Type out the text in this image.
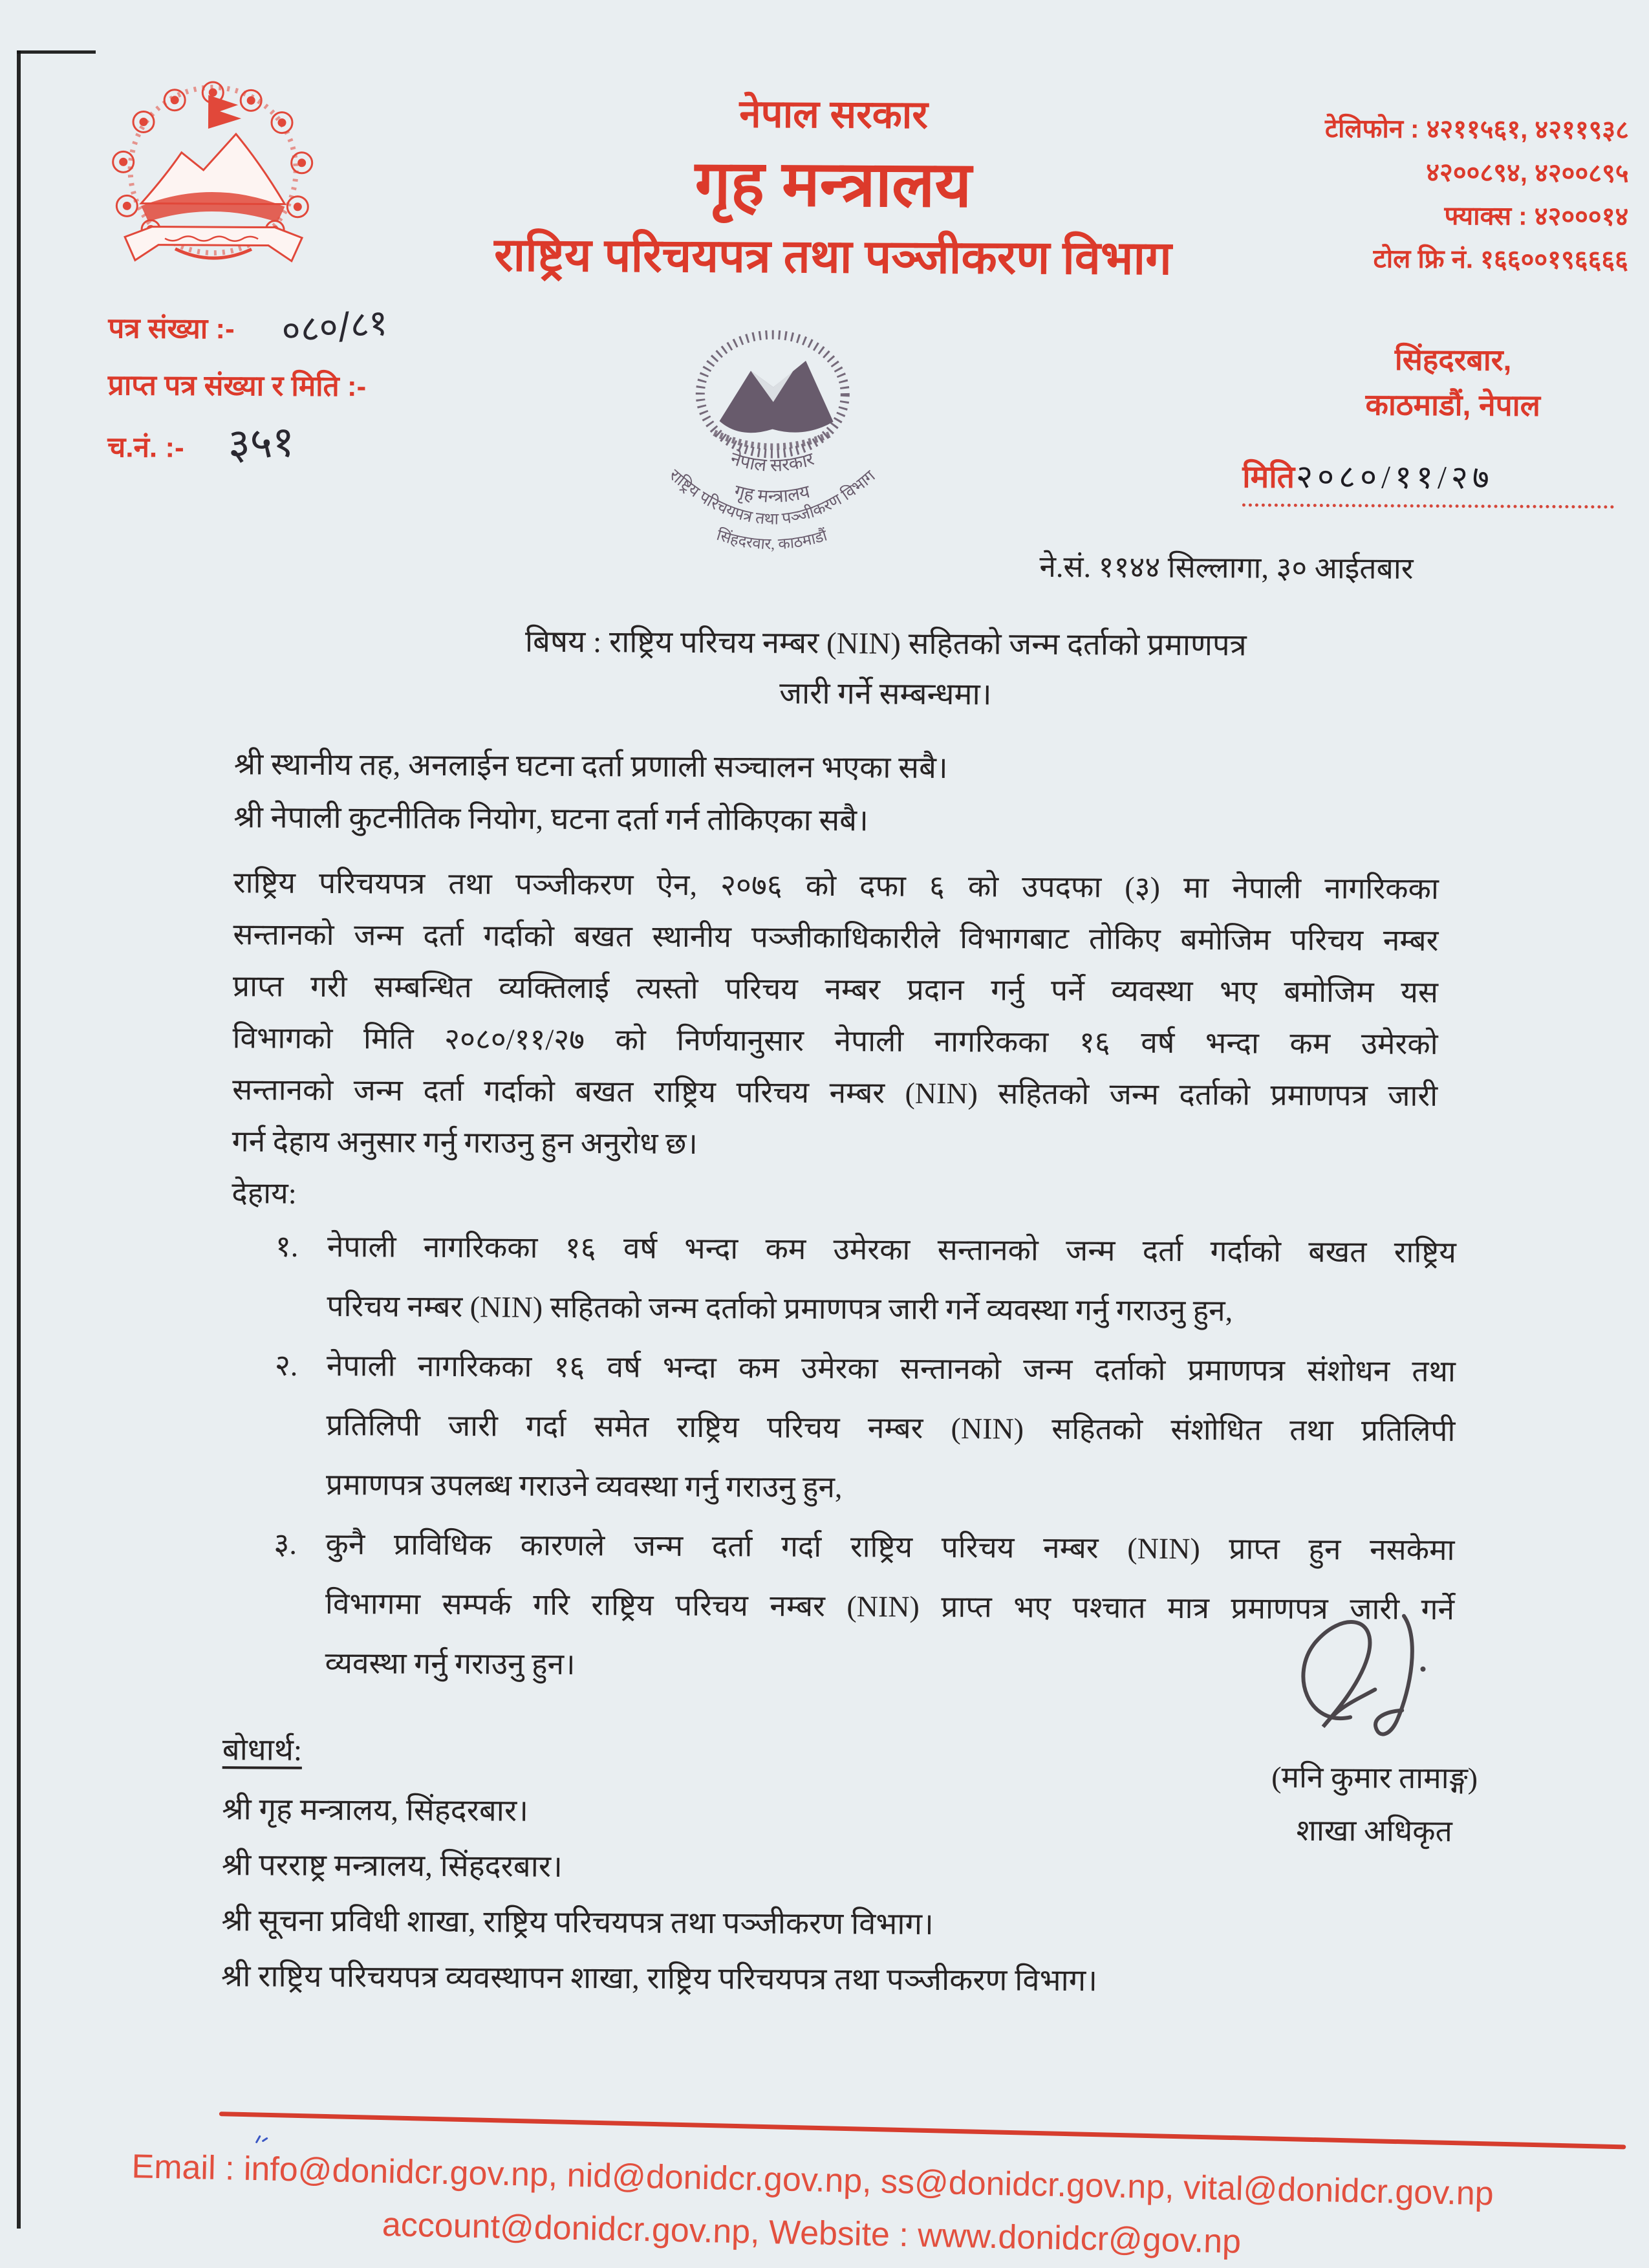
नेपाल सरकार
गृह मन्त्रालय
राष्ट्रिय परिचयपत्र तथा पञ्जीकरण विभाग
टेलिफोन : ४२११५६१, ४२११९३८
४२००८९४, ४२००८९५
फ्याक्स : ४२०००१४
टोल फ्रि नं. १६६००१९६६६६
पत्र संख्या :- ०८०/८१
प्राप्त पत्र संख्या र मिति :-
च.नं. :- ३५१	नेपाल सरकार
गृह मन्त्रालय
राष्ट्रिय परिचयपत्र तथा पञ्जीकरण विभाग
सिंहदरवार, काठमाडौं
सिंहदरबार,
काठमाडौं, नेपाल
मिति २०८०/११/२७
ने.सं. ११४४ सिल्लागा, ३० आईतबार
बिषय : राष्ट्रिय परिचय नम्बर (NIN) सहितको जन्म दर्ताको प्रमाणपत्र
जारी गर्ने सम्बन्धमा।
श्री स्थानीय तह, अनलाईन घटना दर्ता प्रणाली सञ्चालन भएका सबै।
श्री नेपाली कुटनीतिक नियोग, घटना दर्ता गर्न तोकिएका सबै।
राष्ट्रिय परिचयपत्र तथा पञ्जीकरण ऐन, २०७६ को दफा ६ को उपदफा (३) मा नेपाली नागरिकका
सन्तानको जन्म दर्ता गर्दाको बखत स्थानीय पञ्जीकाधिकारीले विभागबाट तोकिए बमोजिम परिचय नम्बर
प्राप्त गरी सम्बन्धित व्यक्तिलाई त्यस्तो परिचय नम्बर प्रदान गर्नु पर्ने व्यवस्था भए बमोजिम यस
विभागको मिति २०८०/११/२७ को निर्णयानुसार नेपाली नागरिकका १६ वर्ष भन्दा कम उमेरको
सन्तानको जन्म दर्ता गर्दाको बखत राष्ट्रिय परिचय नम्बर (NIN) सहितको जन्म दर्ताको प्रमाणपत्र जारी
गर्न देहाय अनुसार गर्नु गराउनु हुन अनुरोध छ।
देहाय:
१. नेपाली नागरिकका १६ वर्ष भन्दा कम उमेरका सन्तानको जन्म दर्ता गर्दाको बखत राष्ट्रिय
परिचय नम्बर (NIN) सहितको जन्म दर्ताको प्रमाणपत्र जारी गर्ने व्यवस्था गर्नु गराउनु हुन,
२. नेपाली नागरिकका १६ वर्ष भन्दा कम उमेरका सन्तानको जन्म दर्ताको प्रमाणपत्र संशोधन तथा
प्रतिलिपी जारी गर्दा समेत राष्ट्रिय परिचय नम्बर (NIN) सहितको संशोधित तथा प्रतिलिपी
प्रमाणपत्र उपलब्ध गराउने व्यवस्था गर्नु गराउनु हुन,
३. कुनै प्राविधिक कारणले जन्म दर्ता गर्दा राष्ट्रिय परिचय नम्बर (NIN) प्राप्त हुन नसकेमा
विभागमा सम्पर्क गरि राष्ट्रिय परिचय नम्बर (NIN) प्राप्त भए पश्चात मात्र प्रमाणपत्र जारी गर्ने
व्यवस्था गर्नु गराउनु हुन।
(मनि कुमार तामाङ्ग)
शाखा अधिकृत
बोधार्थ:
श्री गृह मन्त्रालय, सिंहदरबार।
श्री परराष्ट्र मन्त्रालय, सिंहदरबार।
श्री सूचना प्रविधी शाखा, राष्ट्रिय परिचयपत्र तथा पञ्जीकरण विभाग।
श्री राष्ट्रिय परिचयपत्र व्यवस्थापन शाखा, राष्ट्रिय परिचयपत्र तथा पञ्जीकरण विभाग।
Email : info@donidcr.gov.np, nid@donidcr.gov.np, ss@donidcr.gov.np, vital@donidcr.gov.np
account@donidcr.gov.np, Website : www.donidcr@gov.np
